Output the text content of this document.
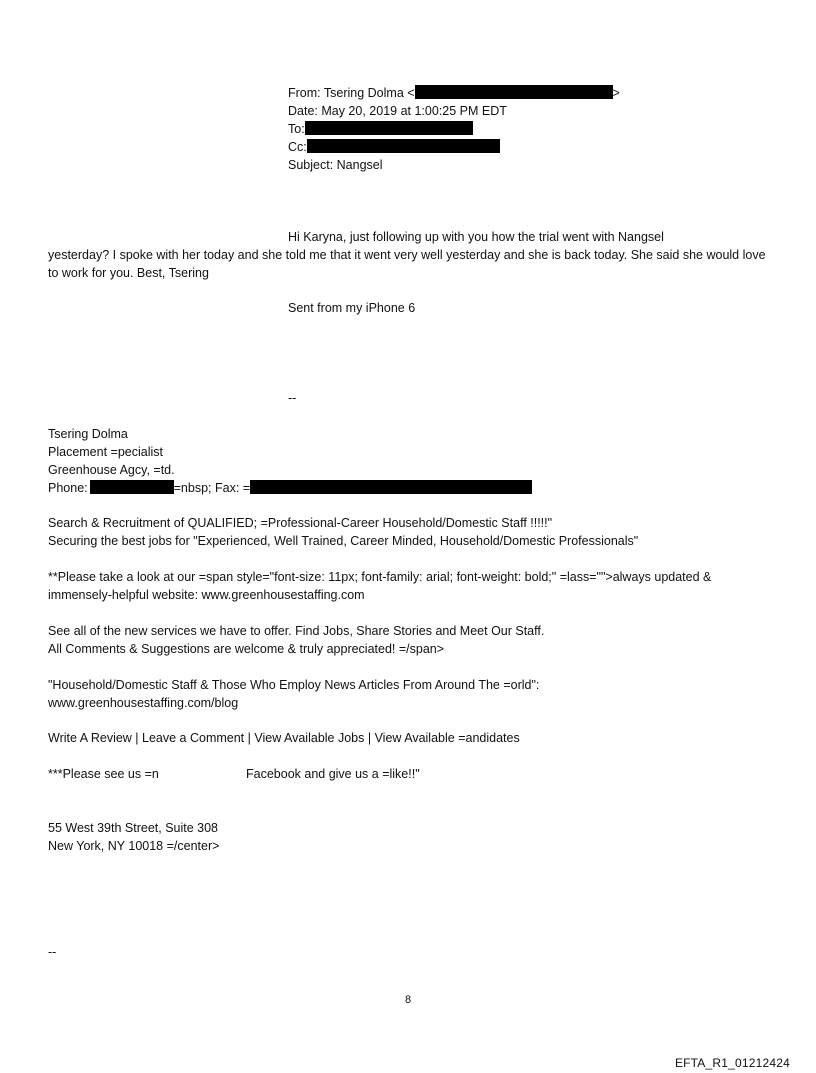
From: Tsering Dolma <	>
Date: May 20, 2019 at 1:00:25 PM EDT
To:
Cc:
Subject: Nangsel
Hi Karyna, just following up with you how the trial went with Nangsel
yesterday? I spoke with her today and she told me that it went very well yesterday and she is back today. She said she would love to work for you. Best, Tsering
Sent from my iPhone 6
--
Tsering Dolma
Placement =pecialist
Greenhouse Agcy, =td.
Phone:	=nbsp; Fax: =
Search & Recruitment of QUALIFIED; =Professional-Career Household/Domestic Staff !!!!!"
Securing the best jobs for "Experienced, Well Trained, Career Minded, Household/Domestic Professionals"
**Please take a look at our =span style="font-size: 11px; font-family: arial; font-weight: bold;" =lass="">always updated & immensely-helpful website: www.greenhousestaffing.com
See all of the new services we have to offer. Find Jobs, Share Stories and Meet Our Staff.
All Comments & Suggestions are welcome & truly appreciated! =/span>
"Household/Domestic Staff & Those Who Employ News Articles From Around The =orld":
www.greenhousestaffing.com/blog
Write A Review | Leave a Comment | View Available Jobs | View Available =andidates
***Please see us =n	Facebook and give us a =like!!"
55 West 39th Street, Suite 308
New York, NY 10018 =/center>
--
8
EFTA_R1_01212424
